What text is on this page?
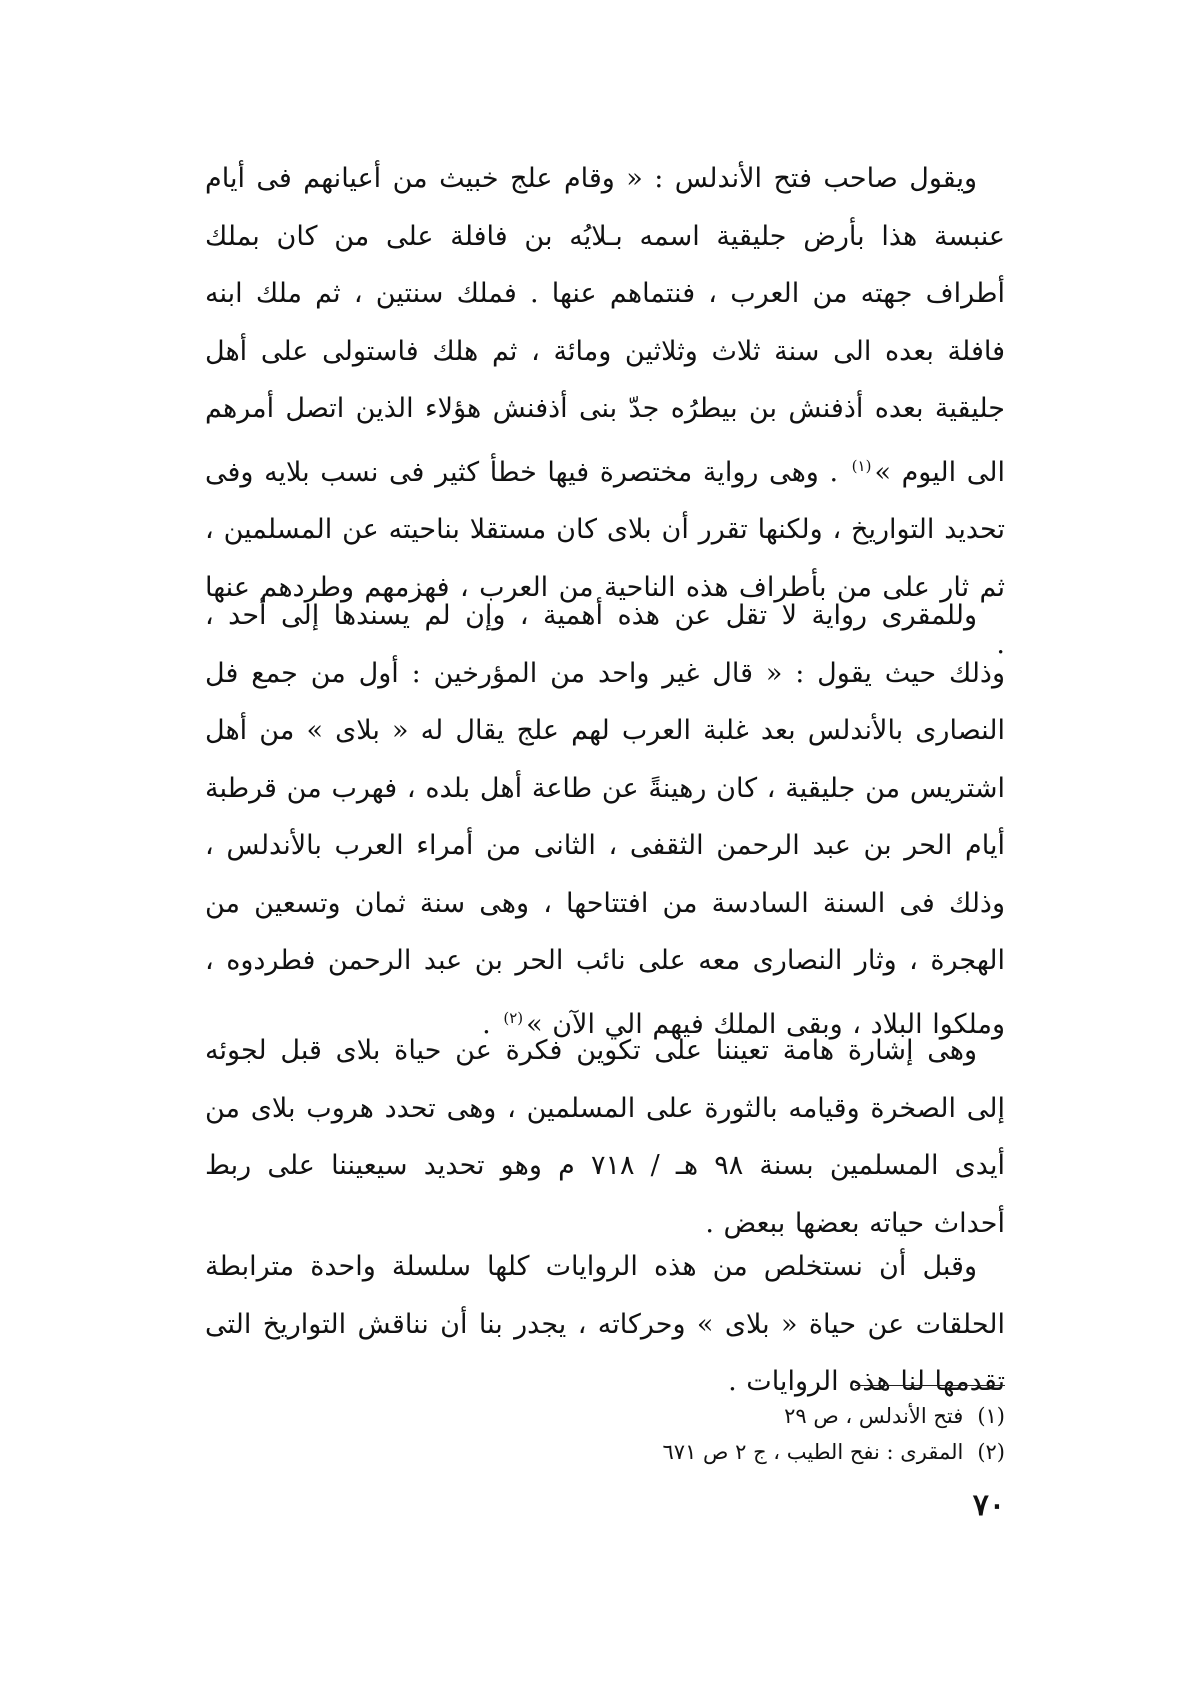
ويقول صاحب فتح الأندلس : « وقام علج خبيث من أعيانهم فى أيام عنبسة هذا بأرض جليقية اسمه بـلايُه بن فافلة على من كان بملك أطراف جهته من العرب ، فنتماهم عنها . فملك سنتين ، ثم ملك ابنه فافلة بعده الى سنة ثلاث وثلاثين ومائة ، ثم هلك فاستولى على أهل جليقية بعده أذفنش بن بيطرُه جدّ بنى أذفنش هؤلاء الذين اتصل أمرهم الى اليوم »$^{(١)}$ . وهى رواية مختصرة فيها خطأ كثير فى نسب بلايه وفى تحديد التواريخ ، ولكنها تقرر أن بلاى كان مستقلا بناحيته عن المسلمين ، ثم ثار على من بأطراف هذه الناحية من العرب ، فهزمهم وطردهم عنها .

وللمقرى رواية لا تقل عن هذه أهمية ، وإن لم يسندها إلى أحد ، وذلك حيث يقول : « قال غير واحد من المؤرخين : أول من جمع فل النصارى بالأندلس بعد غلبة العرب لهم علج يقال له « بلاى » من أهل اشتريس من جليقية ، كان رهينةً عن طاعة أهل بلده ، فهرب من قرطبة أيام الحر بن عبد الرحمن الثقفى ، الثانى من أمراء العرب بالأندلس ، وذلك فى السنة السادسة من افتتاحها ، وهى سنة ثمان وتسعين من الهجرة ، وثار النصارى معه على نائب الحر بن عبد الرحمن فطردوه ، وملكوا البلاد ، وبقى الملك فيهم الي الآن »$^{(٢)}$ .

وهى إشارة هامة تعيننا على تكوين فكرة عن حياة بلاى قبل لجوئه إلى الصخرة وقيامه بالثورة على المسلمين ، وهى تحدد هروب بلاى من أيدى المسلمين بسنة ٩٨ هـ / ٧١٨ م وهو تحديد سيعيننا على ربط أحداث حياته بعضها ببعض .

وقبل أن نستخلص من هذه الروايات كلها سلسلة واحدة مترابطة الحلقات عن حياة « بلاى » وحركاته ، يجدر بنا أن نناقش التواريخ التى تقدمها لنا هذه الروايات .

(١)فتح الأندلس ، ص ٢٩
(٢)المقرى : نفح الطيب ، ج ٢ ص ٦٧١
٧٠
